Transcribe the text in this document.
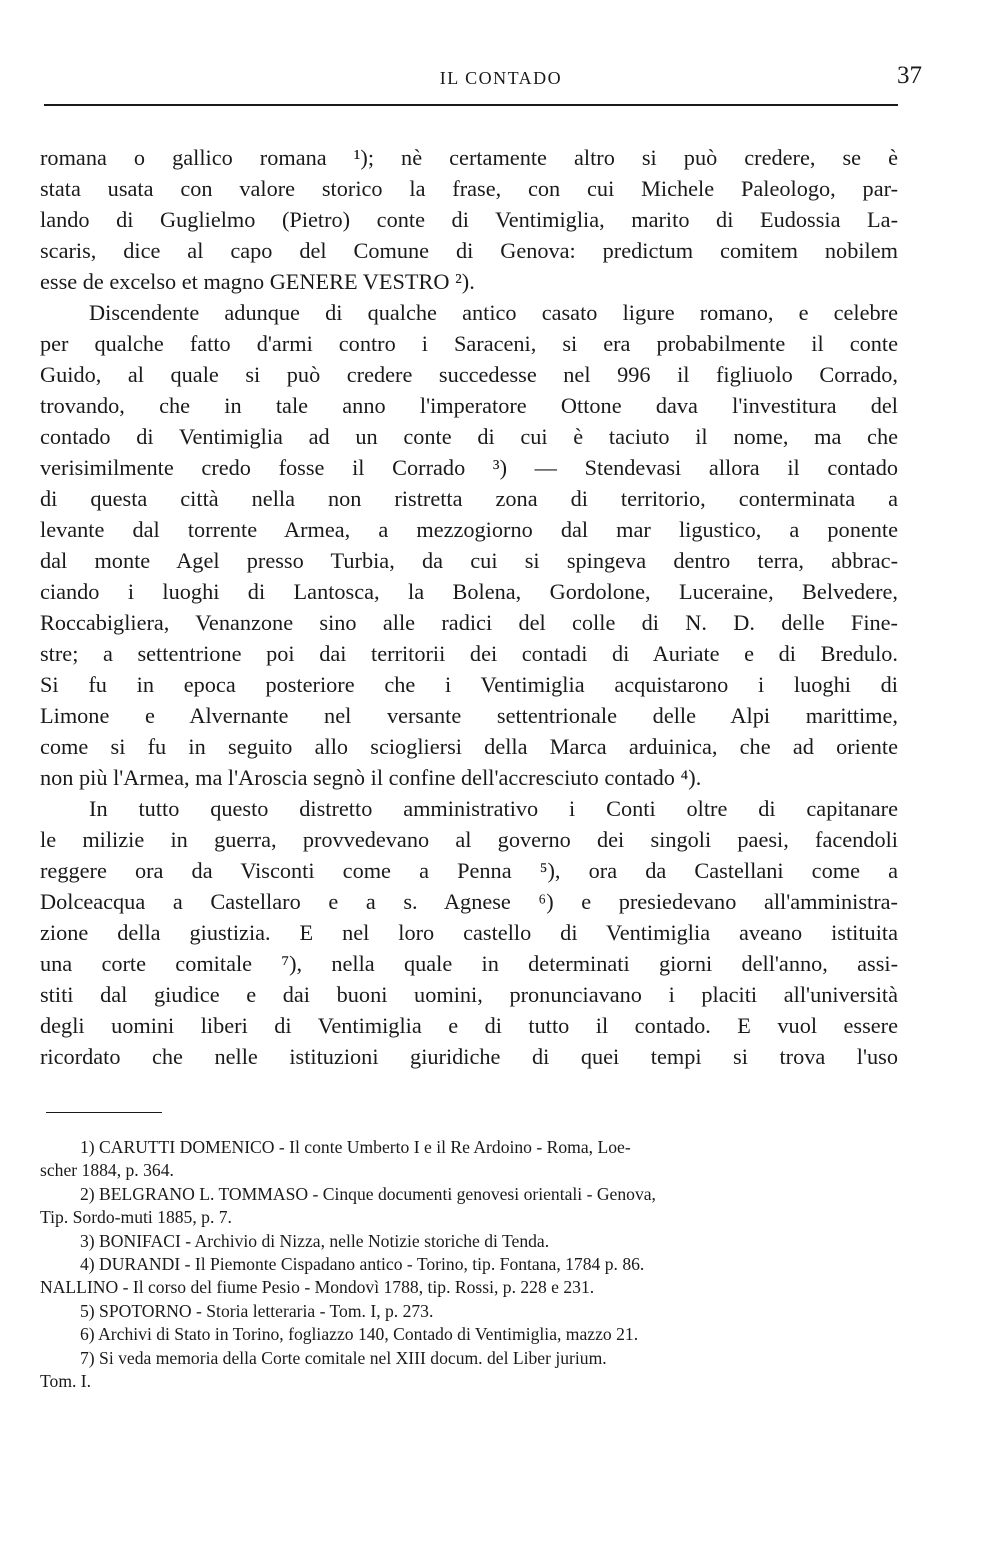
IL CONTADO	37
romana o gallico romana ¹); nè certamente altro si può credere, se è
stata usata con valore storico la frase, con cui Michele Paleologo, par-
lando di Guglielmo (Pietro) conte di Ventimiglia, marito di Eudossia La-
scaris, dice al capo del Comune di Genova: predictum comitem nobilem
esse de excelso et magno GENERE VESTRO ²).
Discendente adunque di qualche antico casato ligure romano, e celebre
per qualche fatto d'armi contro i Saraceni, si era probabilmente il conte
Guido, al quale si può credere succedesse nel 996 il figliuolo Corrado,
trovando, che in tale anno l'imperatore Ottone dava l'investitura del
contado di Ventimiglia ad un conte di cui è taciuto il nome, ma che
verisimilmente credo fosse il Corrado ³) — Stendevasi allora il contado
di questa città nella non ristretta zona di territorio, conterminata a
levante dal torrente Armea, a mezzogiorno dal mar ligustico, a ponente
dal monte Agel presso Turbia, da cui si spingeva dentro terra, abbrac-
ciando i luoghi di Lantosca, la Bolena, Gordolone, Luceraine, Belvedere,
Roccabigliera, Venanzone sino alle radici del colle di N. D. delle Fine-
stre; a settentrione poi dai territorii dei contadi di Auriate e di Bredulo.
Si fu in epoca posteriore che i Ventimiglia acquistarono i luoghi di
Limone e Alvernante nel versante settentrionale delle Alpi marittime,
come si fu in seguito allo sciogliersi della Marca arduinica, che ad oriente
non più l'Armea, ma l'Aroscia segnò il confine dell'accresciuto contado ⁴).
In tutto questo distretto amministrativo i Conti oltre di capitanare
le milizie in guerra, provvedevano al governo dei singoli paesi, facendoli
reggere ora da Visconti come a Penna ⁵), ora da Castellani come a
Dolceacqua a Castellaro e a s. Agnese ⁶) e presiedevano all'amministra-
zione della giustizia. E nel loro castello di Ventimiglia aveano istituita
una corte comitale ⁷), nella quale in determinati giorni dell'anno, assi-
stiti dal giudice e dai buoni uomini, pronunciavano i placiti all'università
degli uomini liberi di Ventimiglia e di tutto il contado. E vuol essere
ricordato che nelle istituzioni giuridiche di quei tempi si trova l'uso
1) CARUTTI DOMENICO - Il conte Umberto I e il Re Ardoino - Roma, Loe-
scher 1884, p. 364.
2) BELGRANO L. TOMMASO - Cinque documenti genovesi orientali - Genova,
Tip. Sordo-muti 1885, p. 7.
3) BONIFACI - Archivio di Nizza, nelle Notizie storiche di Tenda.
4) DURANDI - Il Piemonte Cispadano antico - Torino, tip. Fontana, 1784 p. 86.
NALLINO - Il corso del fiume Pesio - Mondovì 1788, tip. Rossi, p. 228 e 231.
5) SPOTORNO - Storia letteraria - Tom. I, p. 273.
6) Archivi di Stato in Torino, fogliazzo 140, Contado di Ventimiglia, mazzo 21.
7) Si veda memoria della Corte comitale nel XIII docum. del Liber jurium.
Tom. I.
